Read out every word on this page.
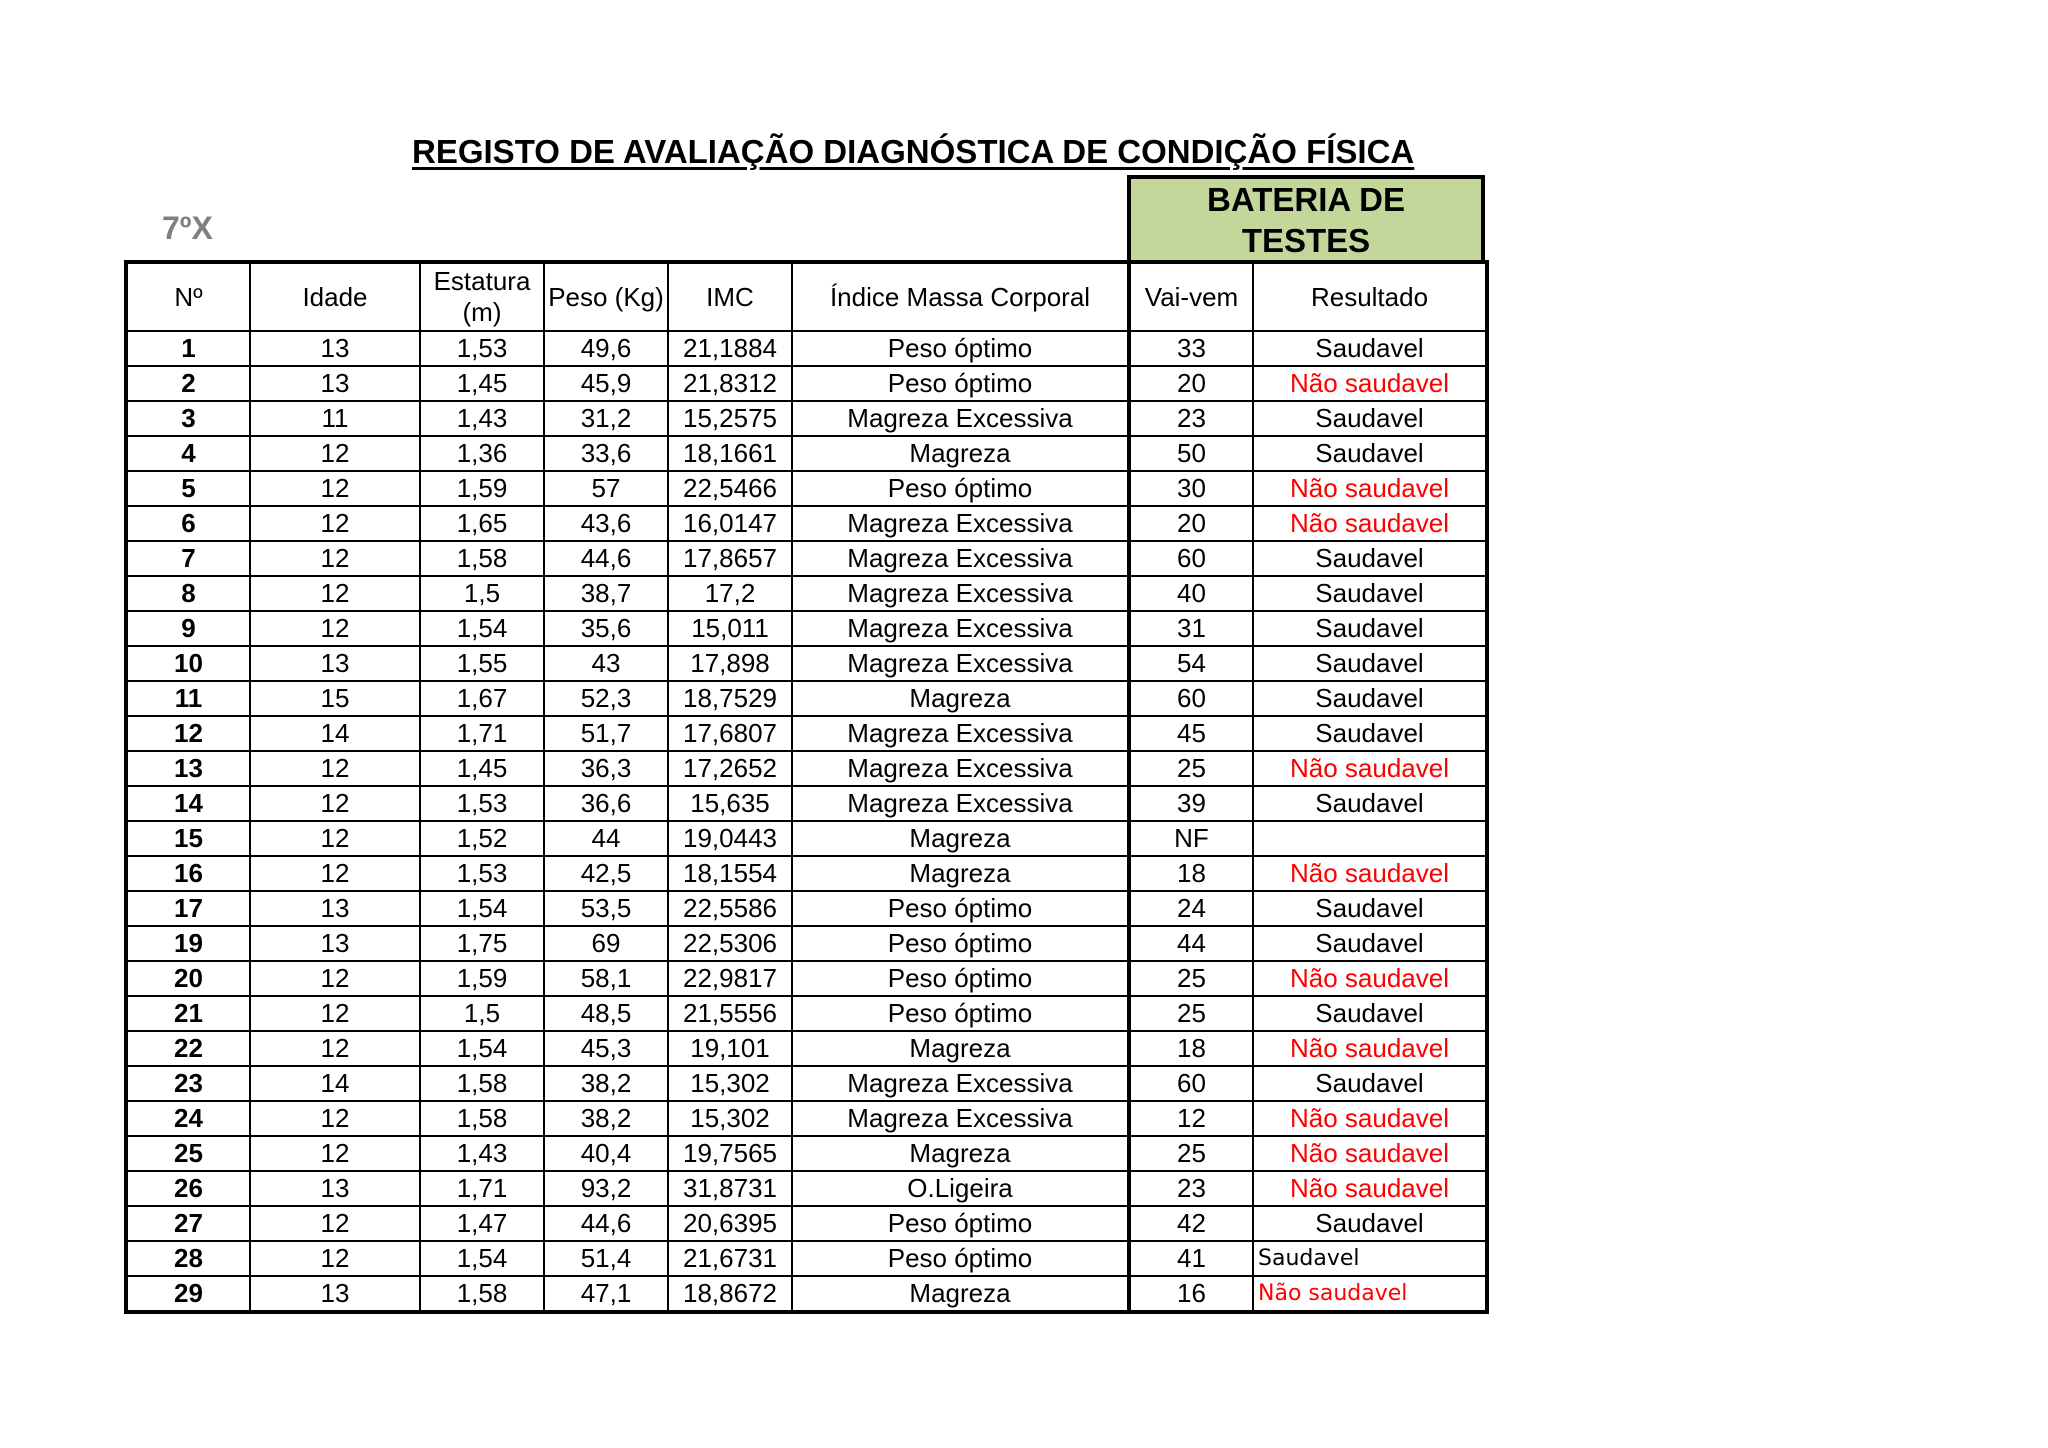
REGISTO DE AVALIAÇÃO DIAGNÓSTICA DE CONDIÇÃO FÍSICA
7ºX
BATERIA DE TESTES
Nº	Idade	Estatura (m)	Peso (Kg)	IMC	Índice Massa Corporal	Vai-vem	Resultado
1	13	1,53	49,6	21,1884	Peso óptimo	33	Saudavel
2	13	1,45	45,9	21,8312	Peso óptimo	20	Não saudavel
3	11	1,43	31,2	15,2575	Magreza Excessiva	23	Saudavel
4	12	1,36	33,6	18,1661	Magreza	50	Saudavel
5	12	1,59	57	22,5466	Peso óptimo	30	Não saudavel
6	12	1,65	43,6	16,0147	Magreza Excessiva	20	Não saudavel
7	12	1,58	44,6	17,8657	Magreza Excessiva	60	Saudavel
8	12	1,5	38,7	17,2	Magreza Excessiva	40	Saudavel
9	12	1,54	35,6	15,011	Magreza Excessiva	31	Saudavel
10	13	1,55	43	17,898	Magreza Excessiva	54	Saudavel
11	15	1,67	52,3	18,7529	Magreza	60	Saudavel
12	14	1,71	51,7	17,6807	Magreza Excessiva	45	Saudavel
13	12	1,45	36,3	17,2652	Magreza Excessiva	25	Não saudavel
14	12	1,53	36,6	15,635	Magreza Excessiva	39	Saudavel
15	12	1,52	44	19,0443	Magreza	NF	
16	12	1,53	42,5	18,1554	Magreza	18	Não saudavel
17	13	1,54	53,5	22,5586	Peso óptimo	24	Saudavel
19	13	1,75	69	22,5306	Peso óptimo	44	Saudavel
20	12	1,59	58,1	22,9817	Peso óptimo	25	Não saudavel
21	12	1,5	48,5	21,5556	Peso óptimo	25	Saudavel
22	12	1,54	45,3	19,101	Magreza	18	Não saudavel
23	14	1,58	38,2	15,302	Magreza Excessiva	60	Saudavel
24	12	1,58	38,2	15,302	Magreza Excessiva	12	Não saudavel
25	12	1,43	40,4	19,7565	Magreza	25	Não saudavel
26	13	1,71	93,2	31,8731	O.Ligeira	23	Não saudavel
27	12	1,47	44,6	20,6395	Peso óptimo	42	Saudavel
28	12	1,54	51,4	21,6731	Peso óptimo	41	Saudavel
29	13	1,58	47,1	18,8672	Magreza	16	Não saudavel
